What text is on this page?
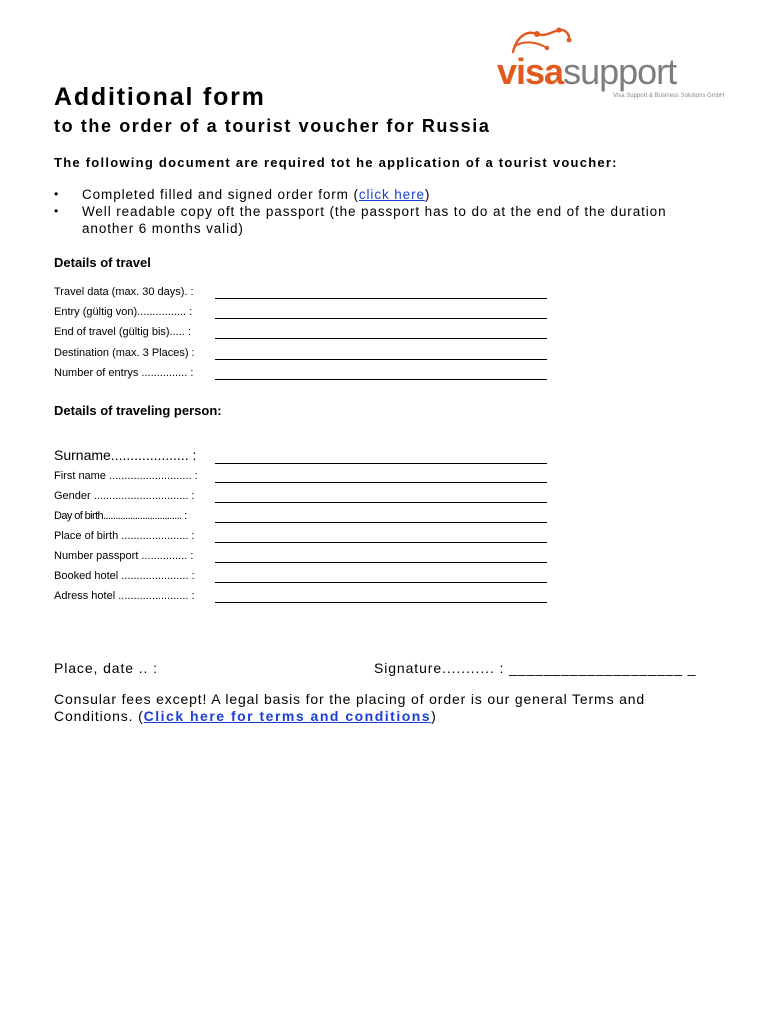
visasupport
Visa Support & Business Solutions GmbH
Additional form
to the order of a tourist voucher for Russia
The following document are required tot he application of a tourist voucher:
• Completed filled and signed order form (click here)
• Well readable copy oft the passport (the passport has to do at the end of the duration another 6 months valid)
Details of travel
Travel data (max. 30 days). :
Entry (gültig von)................ :
End of travel (gültig bis)..... :
Destination (max. 3 Places) :
Number of entrys ............... :
Details of traveling person:
Surname.................... :
First name ........................... :
Gender ............................... :
Day of birth................................ :
Place of birth ...................... :
Number passport ............... :
Booked hotel ...................... :
Adress hotel ....................... :
Place, date .. :	Signature........... : ____________________ _
Consular fees except! A legal basis for the placing of order is our general Terms and Conditions. (Click here for terms and conditions)
